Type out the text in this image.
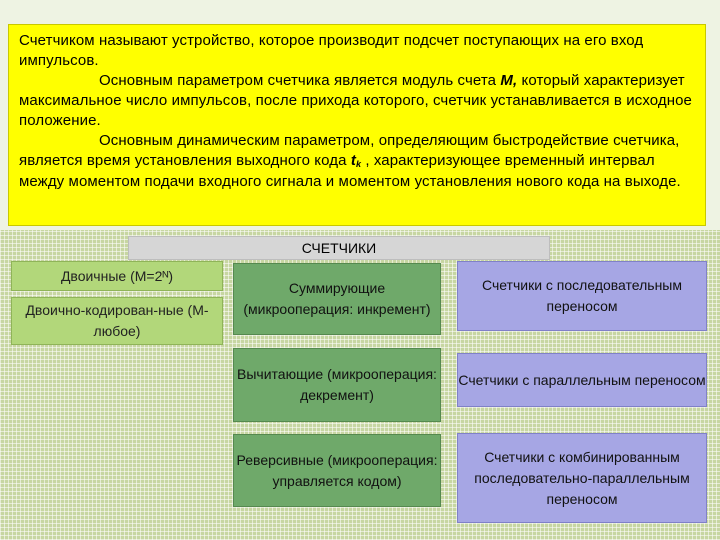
Счетчиком называют устройство, которое производит подсчет поступающих на его вход импульсов.

Основным параметром счетчика является модуль счета M, который характеризует максимальное число импульсов, после прихода которого, счетчик устанавливается в исходное положение.

Основным динамическим параметром, определяющим быстродействие счетчика, является время установления выходного кода $t_k$ , характеризующее временный интервал между моментом подачи входного сигнала и моментом установления нового кода на выходе.

СЧЕТЧИКИ
Двоичные (М=2ᴺ)
Двоично-кодирован-ные (М-любое)
Суммирующие (микрооперация: инкремент)
Вычитающие (микрооперация: декремент)
Реверсивные (микрооперация: управляется кодом)
Счетчики с последовательным переносом
Счетчики с параллельным переносом
Счетчики с комбинированным последовательно-параллельным переносом
